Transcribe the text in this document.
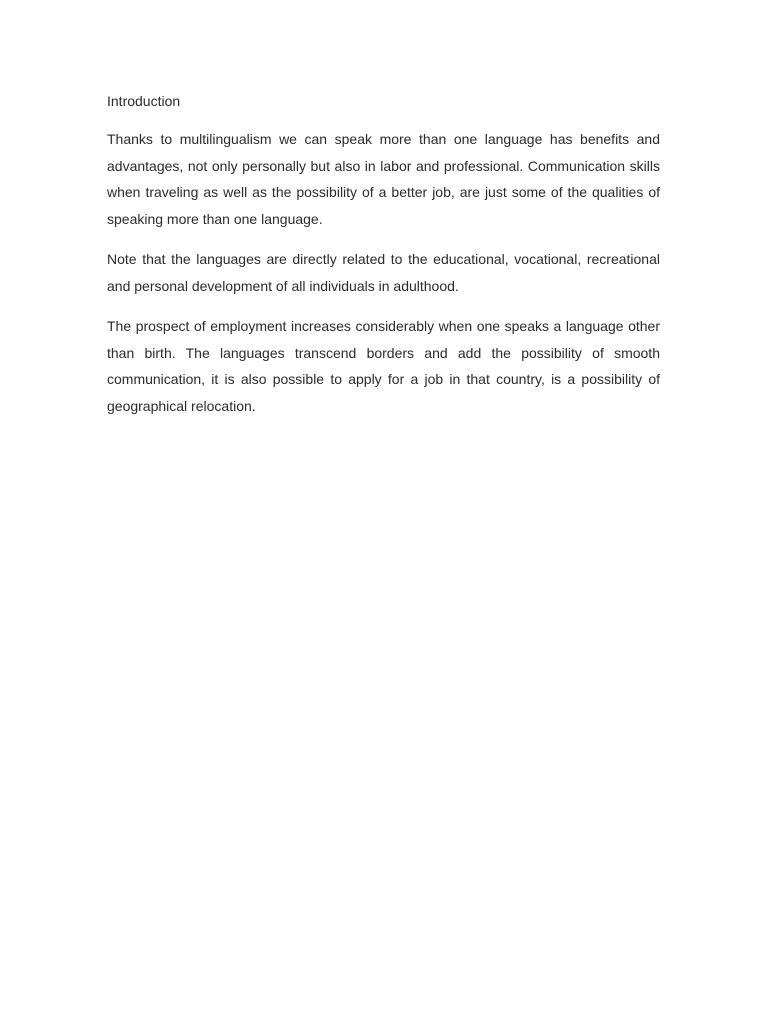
Introduction

Thanks to multilingualism we can speak more than one language has benefits and advantages, not only personally but also in labor and professional. Communication skills when traveling as well as the possibility of a better job, are just some of the qualities of speaking more than one language.

Note that the languages are directly related to the educational, vocational, recreational and personal development of all individuals in adulthood.

The prospect of employment increases considerably when one speaks a language other than birth. The languages transcend borders and add the possibility of smooth communication, it is also possible to apply for a job in that country, is a possibility of geographical relocation.
